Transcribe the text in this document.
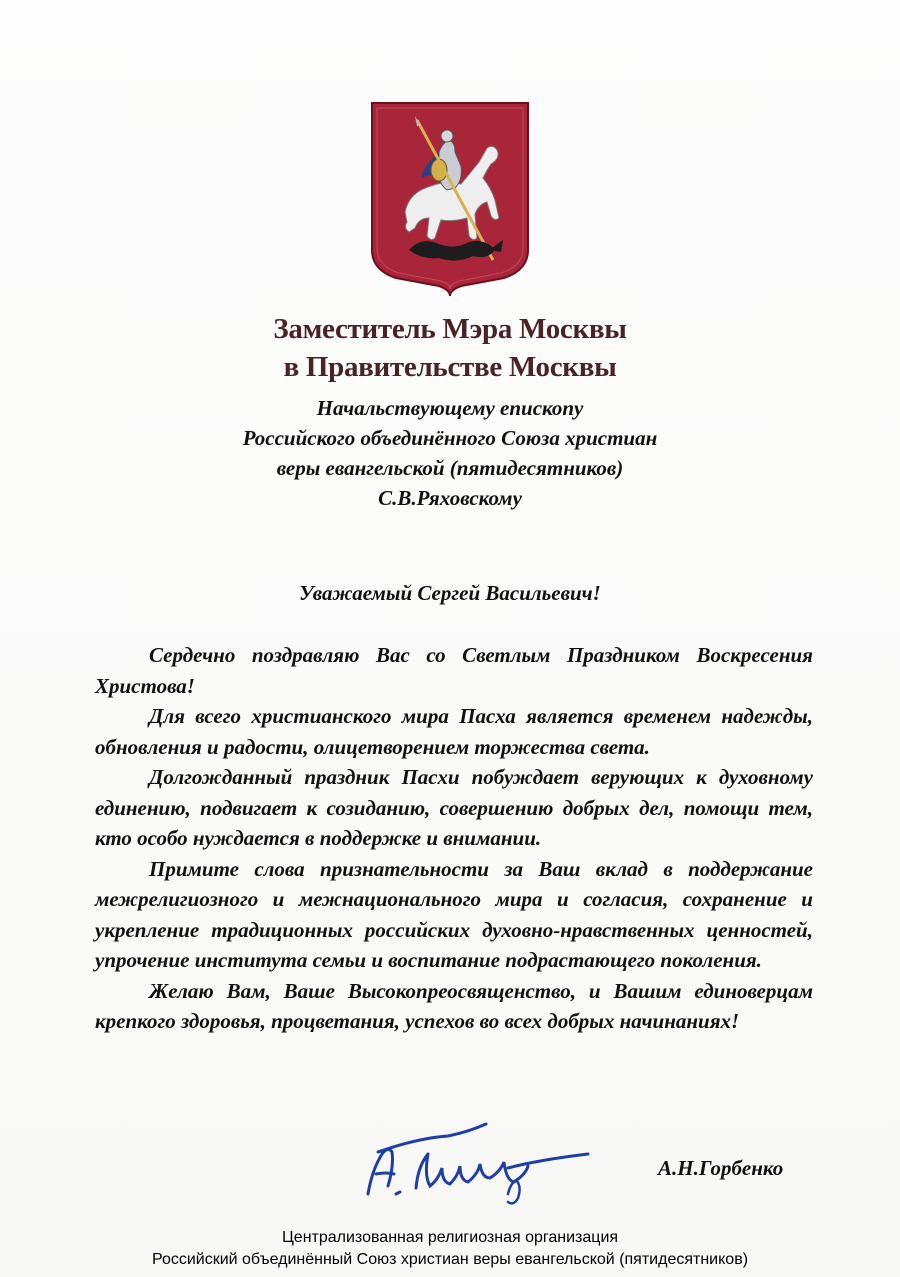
Заместитель Мэра Москвы
в Правительстве Москвы
Начальствующему епископу
Российского объединённого Союза христиан
веры евангельской (пятидесятников)
С.В.Ряховскому
Уважаемый Сергей Васильевич!

Сердечно поздравляю Вас со Светлым Праздником Воскресения Христова!

Для всего христианского мира Пасха является временем надежды, обновления и радости, олицетворением торжества света.

Долгожданный праздник Пасхи побуждает верующих к духовному единению, подвигает к созиданию, совершению добрых дел, помощи тем, кто особо нуждается в поддержке и внимании.

Примите слова признательности за Ваш вклад в поддержание межрелигиозного и межнационального мира и согласия, сохранение и укрепление традиционных российских духовно-нравственных ценностей, упрочение института семьи и воспитание подрастающего поколения.

Желаю Вам, Ваше Высокопреосвященство, и Вашим единоверцам крепкого здоровья, процветания, успехов во всех добрых начинаниях!

А.Н.Горбенко
Централизованная религиозная организация
Российский объединённый Союз христиан веры евангельской (пятидесятников)
